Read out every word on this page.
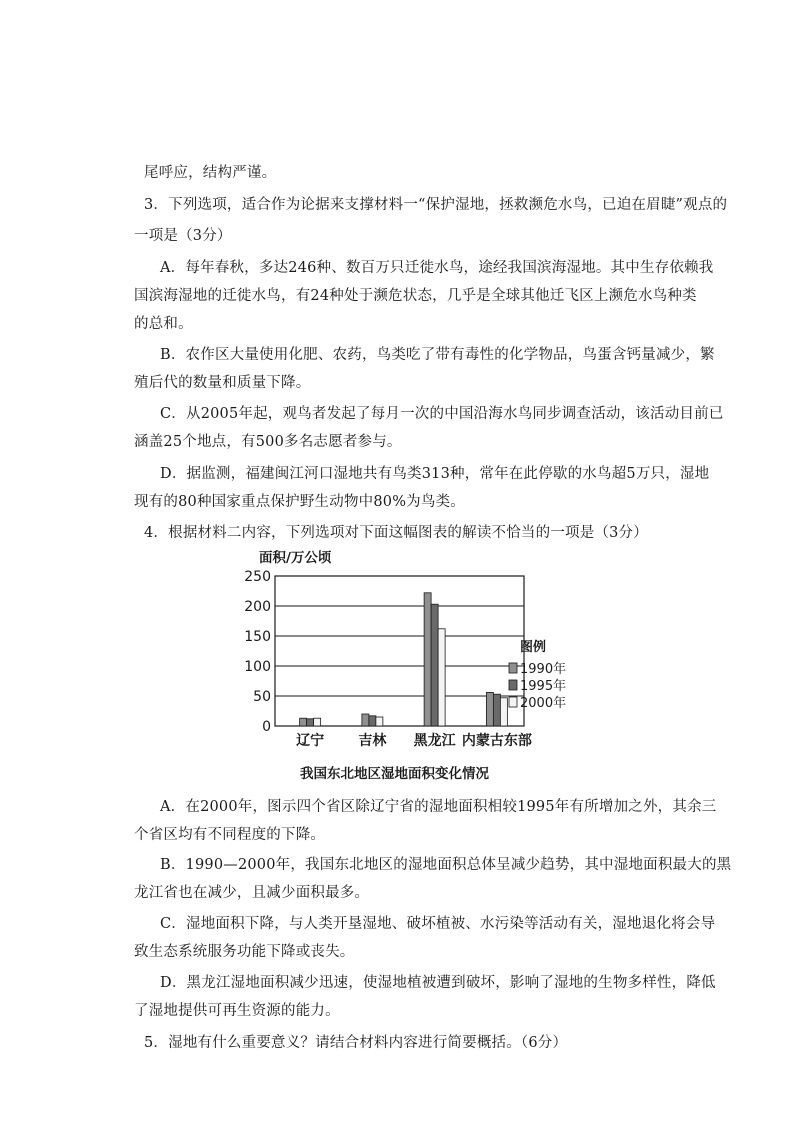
尾呼应，结构严谨。
3．下列选项，适合作为论据来支撑材料一“保护湿地，拯救濒危水鸟，已迫在眉睫”观点的
一项是（3分）
A．每年春秋，多达246种、数百万只迁徙水鸟，途经我国滨海湿地。其中生存依赖我
国滨海湿地的迁徙水鸟，有24种处于濒危状态，几乎是全球其他迁飞区上濒危水鸟种类
的总和。
B．农作区大量使用化肥、农药，鸟类吃了带有毒性的化学物品，鸟蛋含钙量减少，繁
殖后代的数量和质量下降。
C．从2005年起，观鸟者发起了每月一次的中国沿海水鸟同步调查活动，该活动目前已
涵盖25个地点，有500多名志愿者参与。
D．据监测，福建闽江河口湿地共有鸟类313种，常年在此停歇的水鸟超5万只，湿地
现有的80种国家重点保护野生动物中80%为鸟类。
4．根据材料二内容，下列选项对下面这幅图表的解读不恰当的一项是（3分）
面积/万公顷
0
50
100
150
200
250
辽宁 吉林 黑龙江 内蒙古东部
图例
1990年
1995年
2000年
我国东北地区湿地面积变化情况
A．在2000年，图示四个省区除辽宁省的湿地面积相较1995年有所增加之外，其余三
个省区均有不同程度的下降。
B．1990—2000年，我国东北地区的湿地面积总体呈减少趋势，其中湿地面积最大的黑
龙江省也在减少，且减少面积最多。
C．湿地面积下降，与人类开垦湿地、破坏植被、水污染等活动有关，湿地退化将会导
致生态系统服务功能下降或丧失。
D．黑龙江湿地面积减少迅速，使湿地植被遭到破坏，影响了湿地的生物多样性，降低
了湿地提供可再生资源的能力。
5．湿地有什么重要意义？请结合材料内容进行简要概括。（6分）
